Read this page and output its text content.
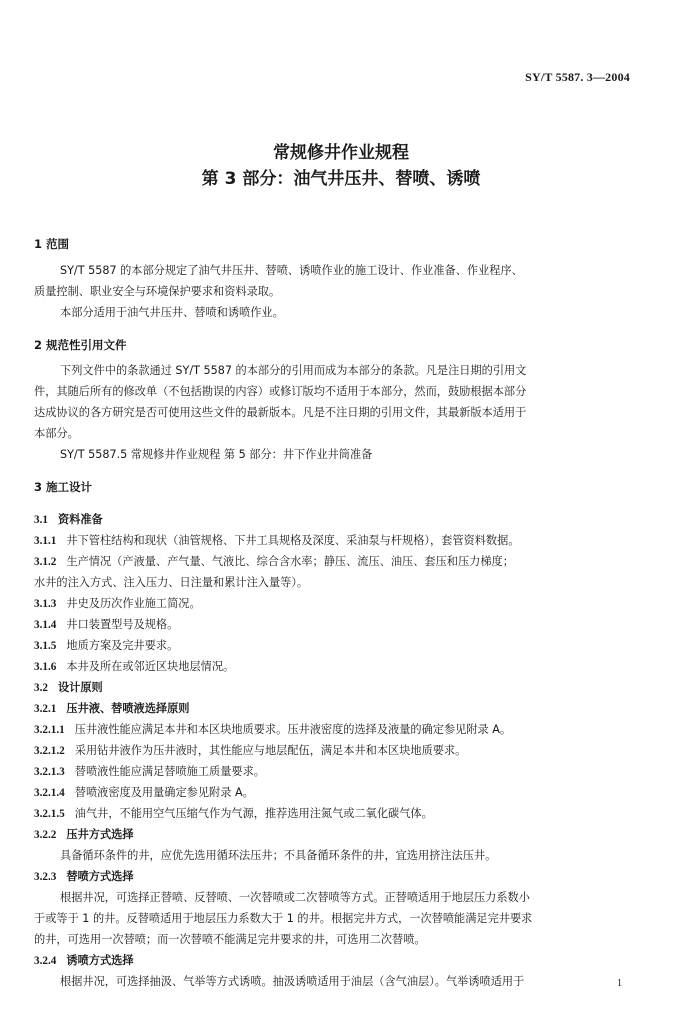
SY/T 5587. 3—2004
常规修井作业规程
第 3 部分：油气井压井、替喷、诱喷
1 范围
SY/T 5587 的本部分规定了油气井压井、替喷、诱喷作业的施工设计、作业准备、作业程序、
质量控制、职业安全与环境保护要求和资料录取。
本部分适用于油气井压井、替喷和诱喷作业。
2 规范性引用文件
下列文件中的条款通过 SY/T 5587 的本部分的引用而成为本部分的条款。凡是注日期的引用文
件，其随后所有的修改单（不包括勘误的内容）或修订版均不适用于本部分，然而，鼓励根据本部分
达成协议的各方研究是否可使用这些文件的最新版本。凡是不注日期的引用文件，其最新版本适用于
本部分。
SY/T 5587.5 常规修井作业规程 第 5 部分：井下作业井筒准备
3 施工设计
3.1 资料准备
3.1.1 井下管柱结构和现状（油管规格、下井工具规格及深度、采油泵与杆规格），套管资料数据。
3.1.2 生产情况（产液量、产气量、气液比、综合含水率；静压、流压、油压、套压和压力梯度；
水井的注入方式、注入压力、日注量和累计注入量等）。
3.1.3 井史及历次作业施工简况。
3.1.4 井口装置型号及规格。
3.1.5 地质方案及完井要求。
3.1.6 本井及所在或邻近区块地层情况。
3.2 设计原则
3.2.1 压井液、替喷液选择原则
3.2.1.1 压井液性能应满足本井和本区块地质要求。压井液密度的选择及液量的确定参见附录 A。
3.2.1.2 采用钻井液作为压井液时，其性能应与地层配伍，满足本井和本区块地质要求。
3.2.1.3 替喷液性能应满足替喷施工质量要求。
3.2.1.4 替喷液密度及用量确定参见附录 A。
3.2.1.5 油气井，不能用空气压缩气作为气源，推荐选用注氮气或二氧化碳气体。
3.2.2 压井方式选择
具备循环条件的井，应优先选用循环法压井；不具备循环条件的井，宜选用挤注法压井。
3.2.3 替喷方式选择
根据井况，可选择正替喷、反替喷、一次替喷或二次替喷等方式。正替喷适用于地层压力系数小
于或等于 1 的井。反替喷适用于地层压力系数大于 1 的井。根据完井方式，一次替喷能满足完井要求
的井，可选用一次替喷；而一次替喷不能满足完井要求的井，可选用二次替喷。
3.2.4 诱喷方式选择
根据井况，可选择抽汲、气举等方式诱喷。抽汲诱喷适用于油层（含气油层）。气举诱喷适用于	1
